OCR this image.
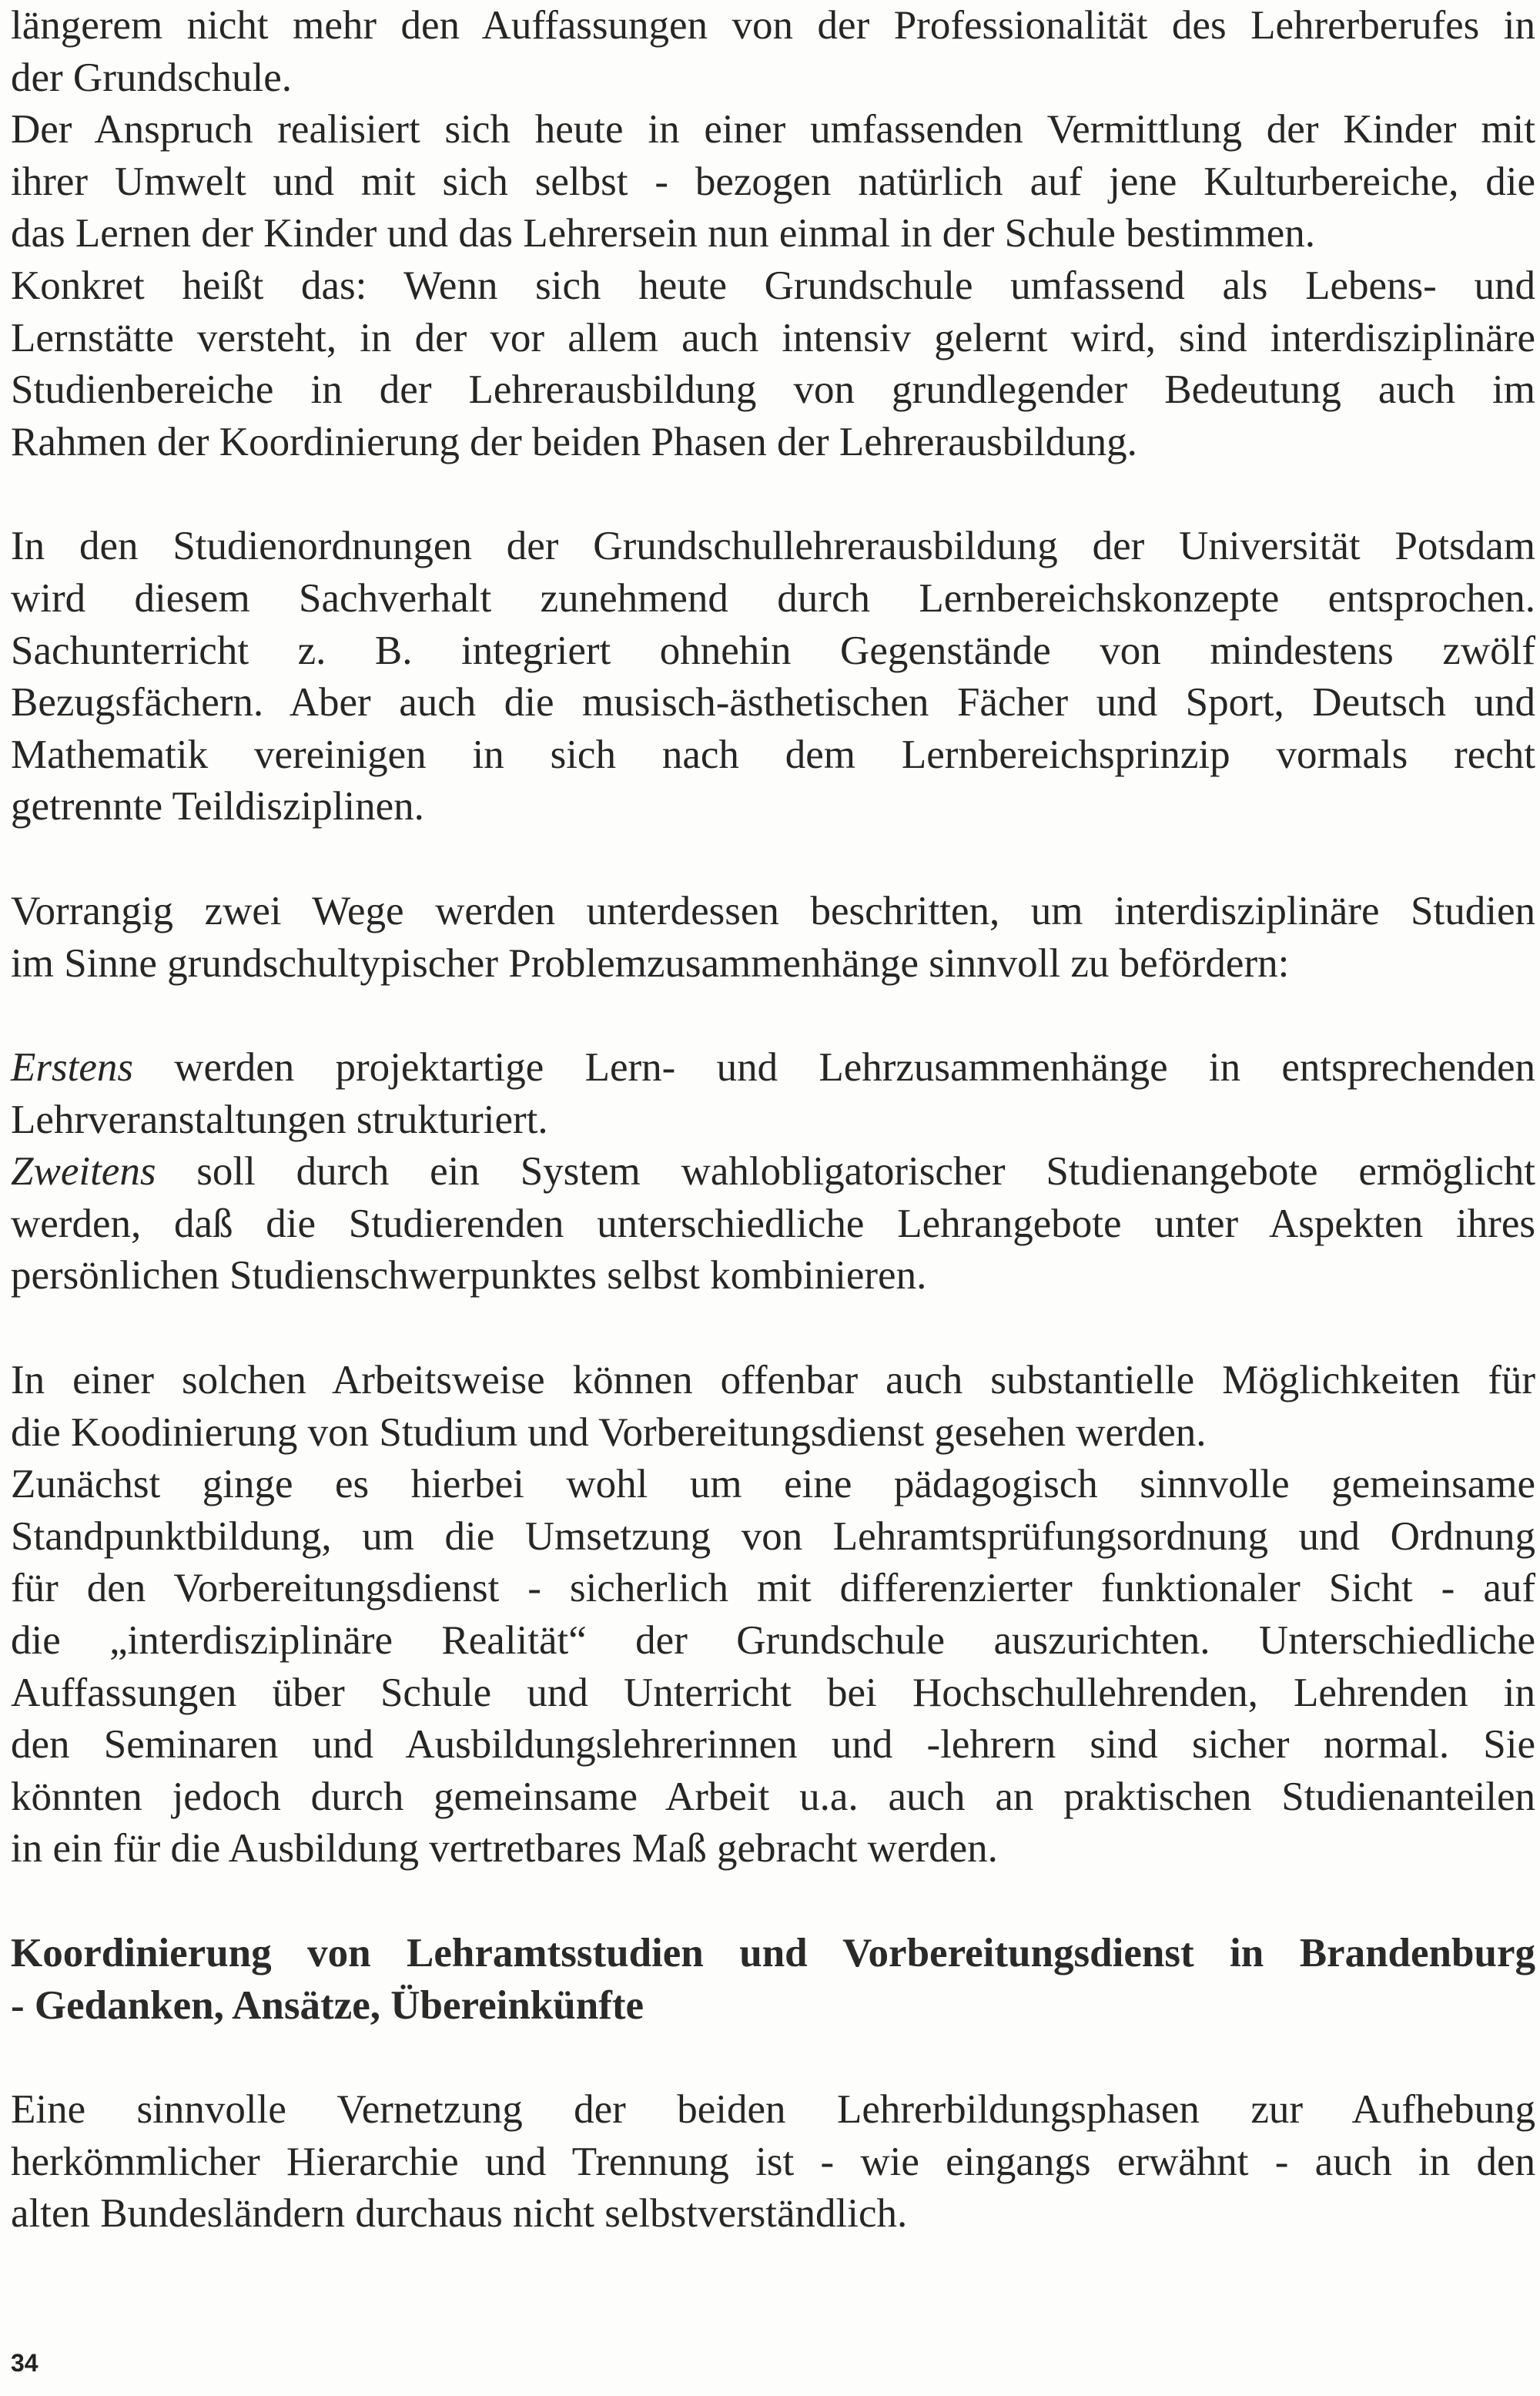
längerem nicht mehr den Auffassungen von der Professionalität des Lehrerberufes in
der Grundschule.

Der Anspruch realisiert sich heute in einer umfassenden Vermittlung der Kinder mit
ihrer Umwelt und mit sich selbst - bezogen natürlich auf jene Kulturbereiche, die
das Lernen der Kinder und das Lehrersein nun einmal in der Schule bestimmen.

Konkret heißt das: Wenn sich heute Grundschule umfassend als Lebens- und
Lernstätte versteht, in der vor allem auch intensiv gelernt wird, sind interdisziplinäre
Studienbereiche in der Lehrerausbildung von grundlegender Bedeutung auch im
Rahmen der Koordinierung der beiden Phasen der Lehrerausbildung.

In den Studienordnungen der Grundschullehrerausbildung der Universität Potsdam
wird diesem Sachverhalt zunehmend durch Lernbereichskonzepte entsprochen.
Sachunterricht z. B. integriert ohnehin Gegenstände von mindestens zwölf
Bezugsfächern. Aber auch die musisch-ästhetischen Fächer und Sport, Deutsch und
Mathematik vereinigen in sich nach dem Lernbereichsprinzip vormals recht
getrennte Teildisziplinen.

Vorrangig zwei Wege werden unterdessen beschritten, um interdisziplinäre Studien
im Sinne grundschultypischer Problemzusammenhänge sinnvoll zu befördern:

Erstens werden projektartige Lern- und Lehrzusammenhänge in entsprechenden
Lehrveranstaltungen strukturiert.

Zweitens soll durch ein System wahlobligatorischer Studienangebote ermöglicht
werden, daß die Studierenden unterschiedliche Lehrangebote unter Aspekten ihres
persönlichen Studienschwerpunktes selbst kombinieren.

In einer solchen Arbeitsweise können offenbar auch substantielle Möglichkeiten für
die Koodinierung von Studium und Vorbereitungsdienst gesehen werden.

Zunächst ginge es hierbei wohl um eine pädagogisch sinnvolle gemeinsame
Standpunktbildung, um die Umsetzung von Lehramtsprüfungsordnung und Ordnung
für den Vorbereitungsdienst - sicherlich mit differenzierter funktionaler Sicht - auf
die „interdisziplinäre Realität“ der Grundschule auszurichten. Unterschiedliche
Auffassungen über Schule und Unterricht bei Hochschullehrenden, Lehrenden in
den Seminaren und Ausbildungslehrerinnen und -lehrern sind sicher normal. Sie
könnten jedoch durch gemeinsame Arbeit u.a. auch an praktischen Studienanteilen
in ein für die Ausbildung vertretbares Maß gebracht werden.

Koordinierung von Lehramtsstudien und Vorbereitungsdienst in Brandenburg
- Gedanken, Ansätze, Übereinkünfte

Eine sinnvolle Vernetzung der beiden Lehrerbildungsphasen zur Aufhebung
herkömmlicher Hierarchie und Trennung ist - wie eingangs erwähnt - auch in den
alten Bundesländern durchaus nicht selbstverständlich.

34
